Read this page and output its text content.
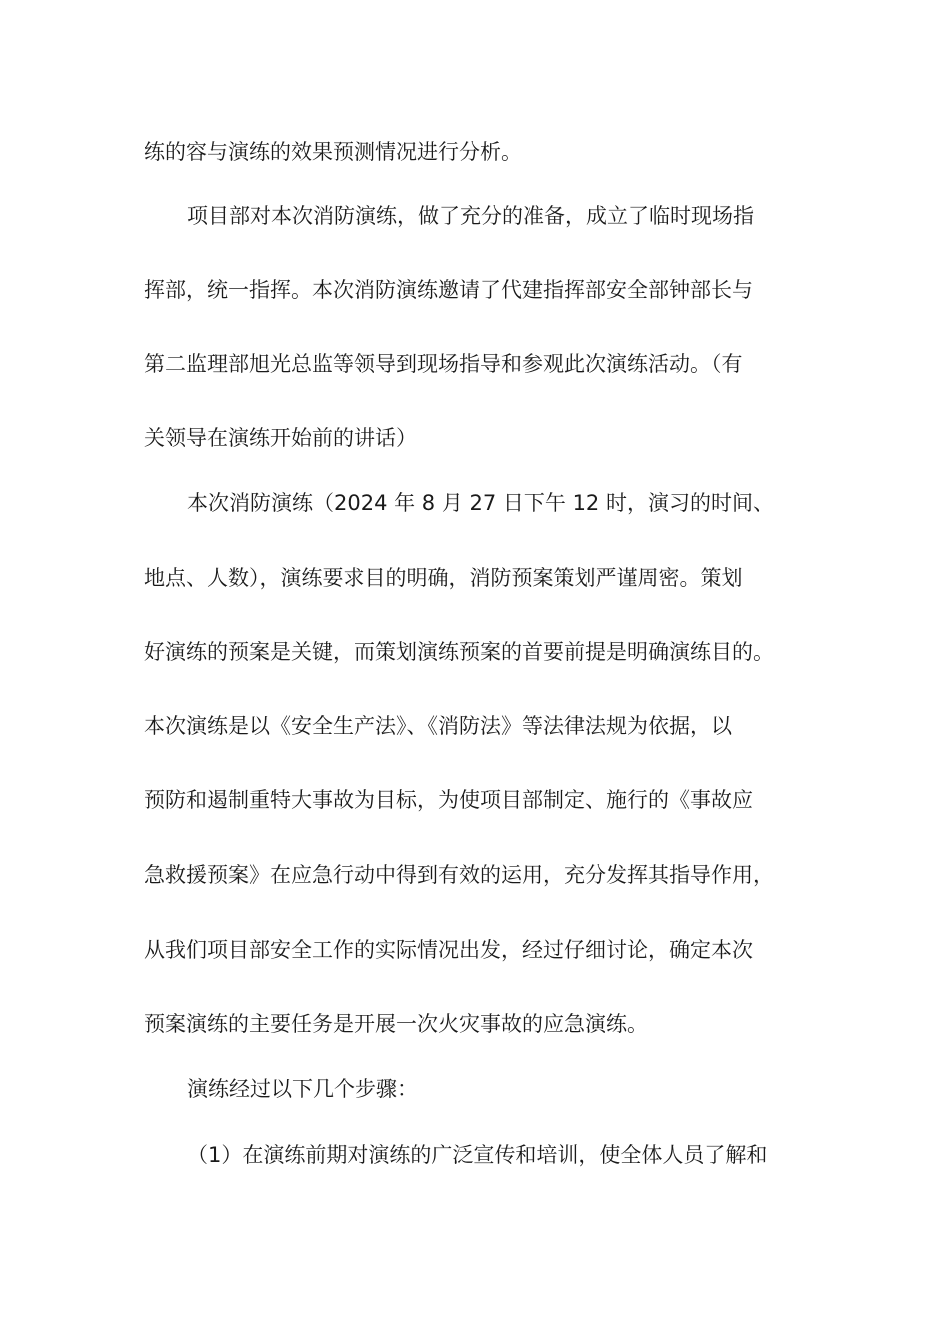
练的容与演练的效果预测情况进行分析。
项目部对本次消防演练，做了充分的准备，成立了临时现场指
挥部，统一指挥。本次消防演练邀请了代建指挥部安全部钟部长与
第二监理部旭光总监等领导到现场指导和参观此次演练活动。（有
关领导在演练开始前的讲话）
本次消防演练（2024 年 8 月 27 日下午 12 时，演习的时间、
地点、人数），演练要求目的明确，消防预案策划严谨周密。策划
好演练的预案是关键，而策划演练预案的首要前提是明确演练目的。
本次演练是以《安全生产法》、《消防法》等法律法规为依据，以
预防和遏制重特大事故为目标，为使项目部制定、施行的《事故应
急救援预案》在应急行动中得到有效的运用，充分发挥其指导作用，
从我们项目部安全工作的实际情况出发，经过仔细讨论，确定本次
预案演练的主要任务是开展一次火灾事故的应急演练。
演练经过以下几个步骤：
（1）在演练前期对演练的广泛宣传和培训，使全体人员了解和
